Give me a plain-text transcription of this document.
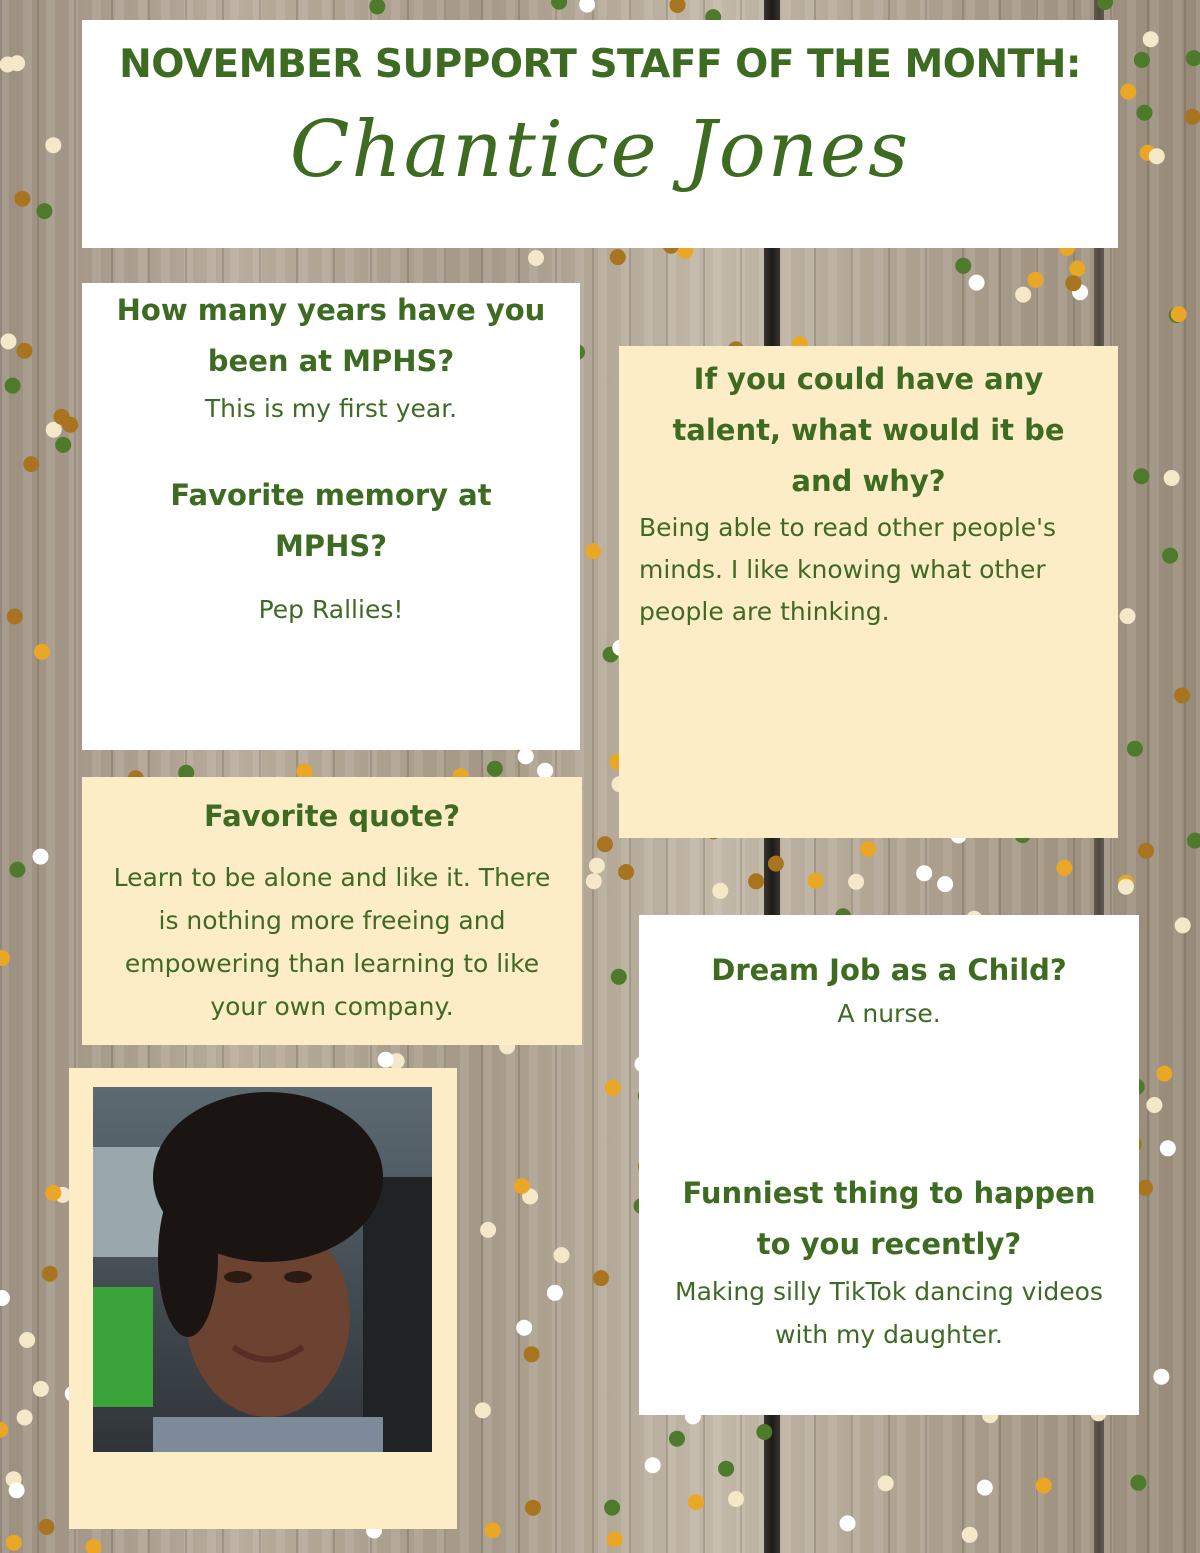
NOVEMBER SUPPORT STAFF OF THE MONTH:
Chantice Jones

How many years have you been at MPHS?

This is my first year.

Favorite memory at MPHS?

Pep Rallies!

If you could have any talent, what would it be and why?

Being able to read other people's minds. I like knowing what other people are thinking.

Favorite quote?

Learn to be alone and like it. There is nothing more freeing and empowering than learning to like your own company.

Dream Job as a Child?

A nurse.

Funniest thing to happen to you recently?

Making silly TikTok dancing videos with my daughter.
